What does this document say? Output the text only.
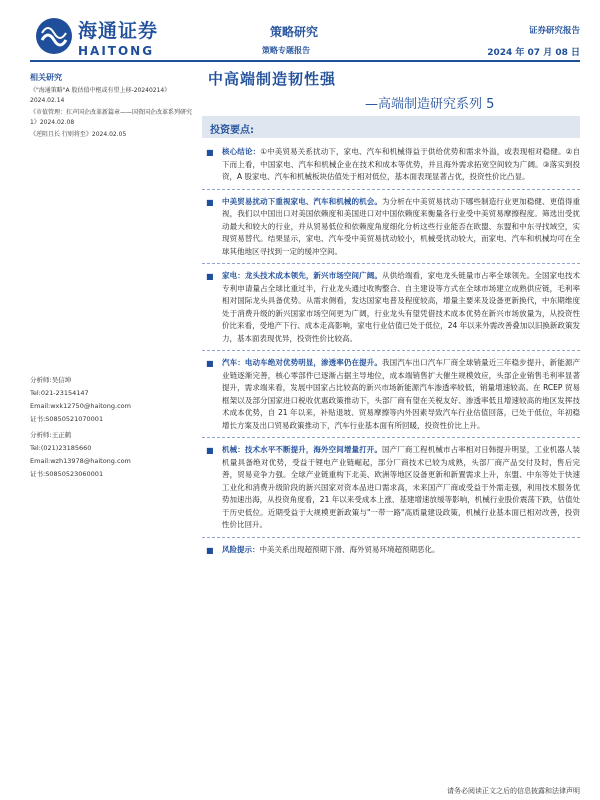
海通证券
HAITONG
策略研究
策略专题报告
证券研究报告
2024 年 07 月 08 日
相关研究
《"海通策略"A 股估值中枢或有望上移-20240214》2024.02.14
《市值管理：扛声国企改革新篇章——国资国企改革系列研究 1》2024.02.08
《逆阻且长 行则将至》2024.02.05
分析师:吴信坤
Tel:021-23154147
Email:wxk12750@haitong.com
证书:S0850521070001
分析师:王正鹤
Tel:(021)23185660
Email:wzh13978@haitong.com
证书:S0850523060001
中高端制造韧性强
—高端制造研究系列 5
投资要点:
■ 核心结论：①中美贸易关系扰动下，家电、汽车和机械得益于供给优势和需求外溢，或表现相对稳健。②自下而上看，中国家电、汽车和机械企业在技术和成本等优势，并且海外需求拓宽空间较为广阔。③落实到投资，A 股家电、汽车和机械板块估值处于相对低位，基本面表现显著占优，投资性价比凸显。
■ 中美贸易扰动下重视家电、汽车和机械的机会。为分析在中美贸易扰动下哪些制造行业更加稳健、更值得重视，我们以中国出口对美国依赖度和美国进口对中国依赖度来衡量各行业受中美贸易摩擦程度。筛选出受扰动最大和较大的行业，并从贸易低位和依赖度角度细化分析这些行业能否在欧盟、东盟和中东寻找域空，实现贸易替代。结果显示，家电、汽车受中美贸易扰动较小，机械受扰动较大，而家电、汽车和机械均可在全球其他地区寻找到一定的缓冲空间。
■ 家电：龙头技术成本领先，新兴市场空间广阔。从供给端看，家电龙头链量市占率全球领先。全国家电技术专利申请量占全球比重过半，行业龙头通过收购整合、自主建设等方式在全球市场建立成熟供应链，毛利率相对国际龙头具备优势。从需求侧看，发达国家电普及程度较高，增量主要来及设备更新换代，中东期维度处于消费升级的新兴国家市场空间更为广阔，行业龙头有望凭借技术成本优势在新兴市场放量为，从投资性价比来看，受地产下行、成本走高影响，家电行业估值已处于低位，24 年以来外需改善叠加以旧换新政策发力，基本面表现优异，投资性价比较高。
■ 汽车：电动车绝对优势明显，渗透率仍在提升。我国汽车出口汽车厂商全球销量近三年稳步提升，新能源产业链逐渐完善，核心零部件已逐渐占据主导地位，成本端销售扩大催生规模效应，头部企业销售毛利率显著提升，需求端来看，发展中国家占比较高的新兴市场新能源汽车渗透率较低，销量增速较高。在 RCEP 贸易框架以及部分国家进口税收优惠政策推动下，头部厂商有望在关税友好、渗透率低且增速较高的地区发挥技术成本优势，自 21 年以来，补贴退坡、贸易摩擦等内外因素导致汽车行业估值回落，已处于低位，年初稳增长方案及出口贸易政策推动下，汽车行业基本面有所回暖，投资性价比上升。
■ 机械：技术水平不断提升，海外空间增量打开。国产厂商工程机械市占率相对日韩提升明显，工业机器人装机量具备绝对优势，受益于锂电产业链崛起，部分厂商技术已较为成熟，头部厂商产品交付及时，售后完善，贸易竞争力强。全球产业链重构下北美、欧洲等地区设备更新和新置需求上升，东盟、中东等处于快速工业化和消费升级阶段的新兴国家对资本品进口需求高，未来国产厂商或受益于外需走强，利用技术服务优势加速出海，从投资角度看，21 年以来受成本上涨、基建增速放缓等影响，机械行业股价震荡下跌，估值处于历史低位。近期受益于大规模更新政策与"一带一路"高质量建设政策，机械行业基本面已相对改善，投资性价比回升。
■ 风险提示：中美关系出现超预期下滑、海外贸易环境超预期恶化。
请务必阅读正文之后的信息披露和法律声明
